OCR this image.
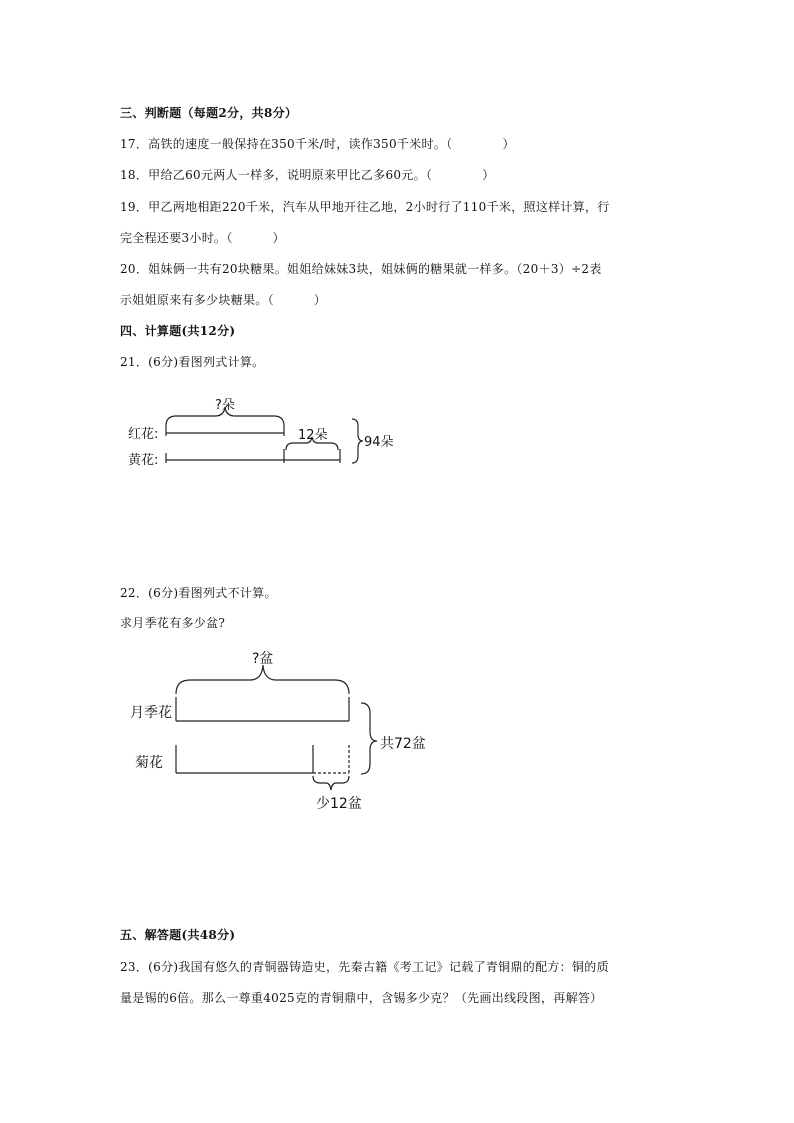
三、判断题（每题2分，共8分）
17．高铁的速度一般保持在350千米/时，读作350千米时。（	）
18．甲给乙60元两人一样多，说明原来甲比乙多60元。（	）
19．甲乙两地相距220千米，汽车从甲地开往乙地，2小时行了110千米，照这样计算，行
完全程还要3小时。（	）
20．姐妹俩一共有20块糖果。姐姐给妹妹3块，姐妹俩的糖果就一样多。（20＋3）÷2表
示姐姐原来有多少块糖果。（	）
四、计算题(共12分)
21．(6分)看图列式计算。
?朵
红花:	12朵	94朵
黄花:
22．(6分)看图列式不计算。
求月季花有多少盆?
?盆
月季花
共72盆
菊花
少12盆
五、解答题(共48分)
23．(6分)我国有悠久的青铜器铸造史，先秦古籍《考工记》记载了青铜鼎的配方：铜的质
量是锡的6倍。那么一尊重4025克的青铜鼎中，含锡多少克？（先画出线段图，再解答）
